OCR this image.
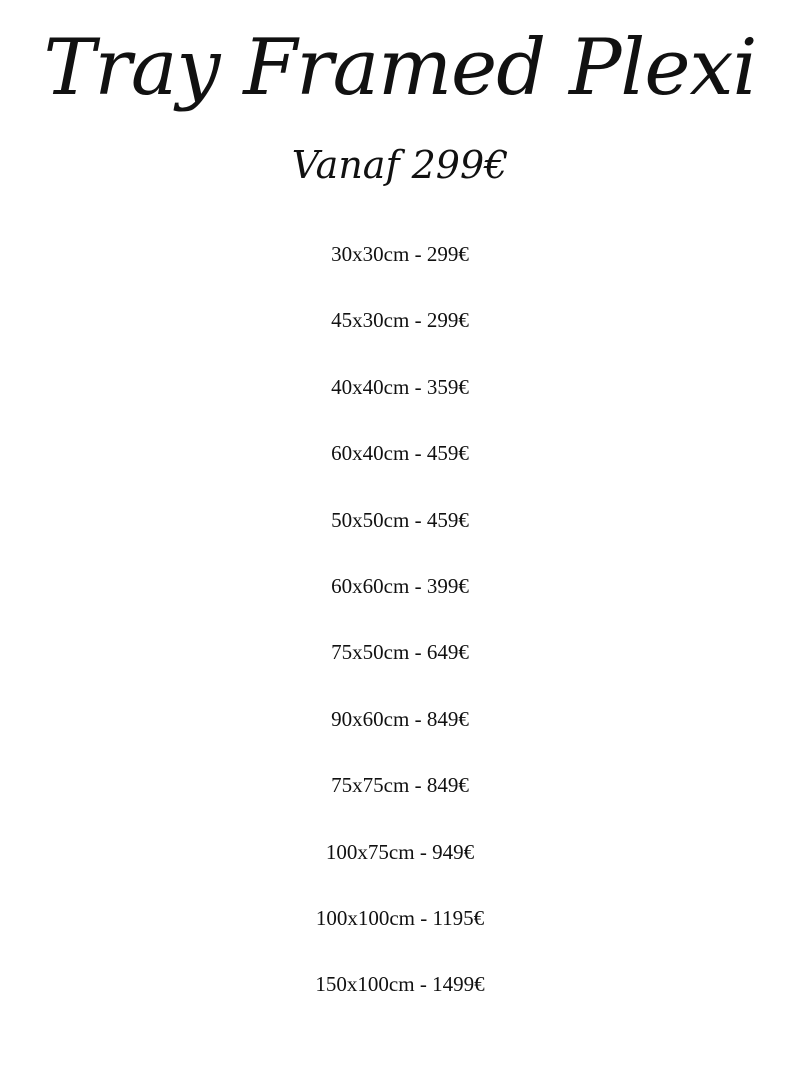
Tray Framed Plexi

Vanaf 299€

30x30cm - 299€
45x30cm - 299€
40x40cm - 359€
60x40cm - 459€
50x50cm - 459€
60x60cm - 399€
75x50cm - 649€
90x60cm - 849€
75x75cm - 849€
100x75cm - 949€
100x100cm - 1195€
150x100cm - 1499€
